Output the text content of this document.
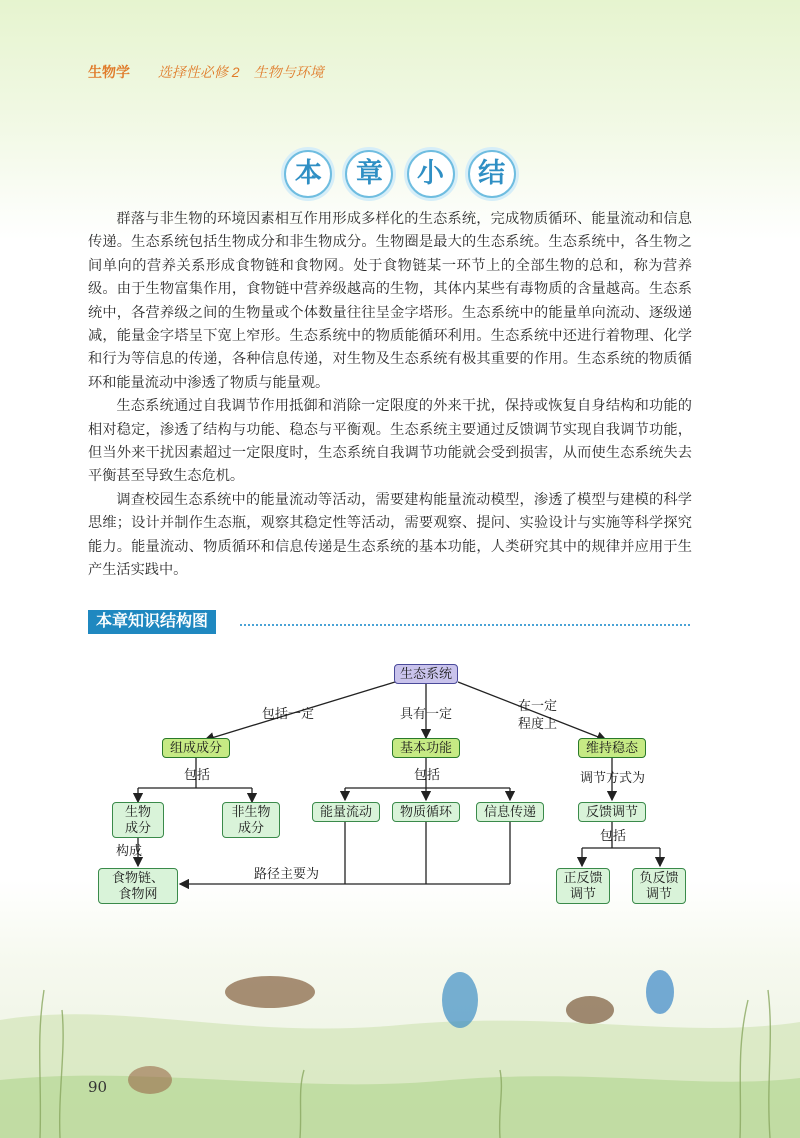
生物学 选择性必修 2　生物与环境
本 章 小 结

群落与非生物的环境因素相互作用形成多样化的生态系统，完成物质循环、能量流动和信息传递。生态系统包括生物成分和非生物成分。生物圈是最大的生态系统。生态系统中，各生物之间单向的营养关系形成食物链和食物网。处于食物链某一环节上的全部生物的总和，称为营养级。由于生物富集作用，食物链中营养级越高的生物，其体内某些有毒物质的含量越高。生态系统中，各营养级之间的生物量或个体数量往往呈金字塔形。生态系统中的能量单向流动、逐级递减，能量金字塔呈下宽上窄形。生态系统中的物质能循环利用。生态系统中还进行着物理、化学和行为等信息的传递，各种信息传递，对生物及生态系统有极其重要的作用。生态系统的物质循环和能量流动中渗透了物质与能量观。

生态系统通过自我调节作用抵御和消除一定限度的外来干扰，保持或恢复自身结构和功能的相对稳定，渗透了结构与功能、稳态与平衡观。生态系统主要通过反馈调节实现自我调节功能，但当外来干扰因素超过一定限度时，生态系统自我调节功能就会受到损害，从而使生态系统失去平衡甚至导致生态危机。

调查校园生态系统中的能量流动等活动，需要建构能量流动模型，渗透了模型与建模的科学思维；设计并制作生态瓶，观察其稳定性等活动，需要观察、提问、实验设计与实施等科学探究能力。能量流动、物质循环和信息传递是生态系统的基本功能，人类研究其中的规律并应用于生产生活实践中。

本章知识结构图
生态系统
包括一定	具有一定
在一定
程度上
组成成分	基本功能	维持稳态
包括	包括	调节方式为
生物
成分
非生物
成分
能量流动 物质循环 信息传递	反馈调节
构成
路径主要为
包括
食物链、
食物网
正反馈
调节
负反馈
调节
90
